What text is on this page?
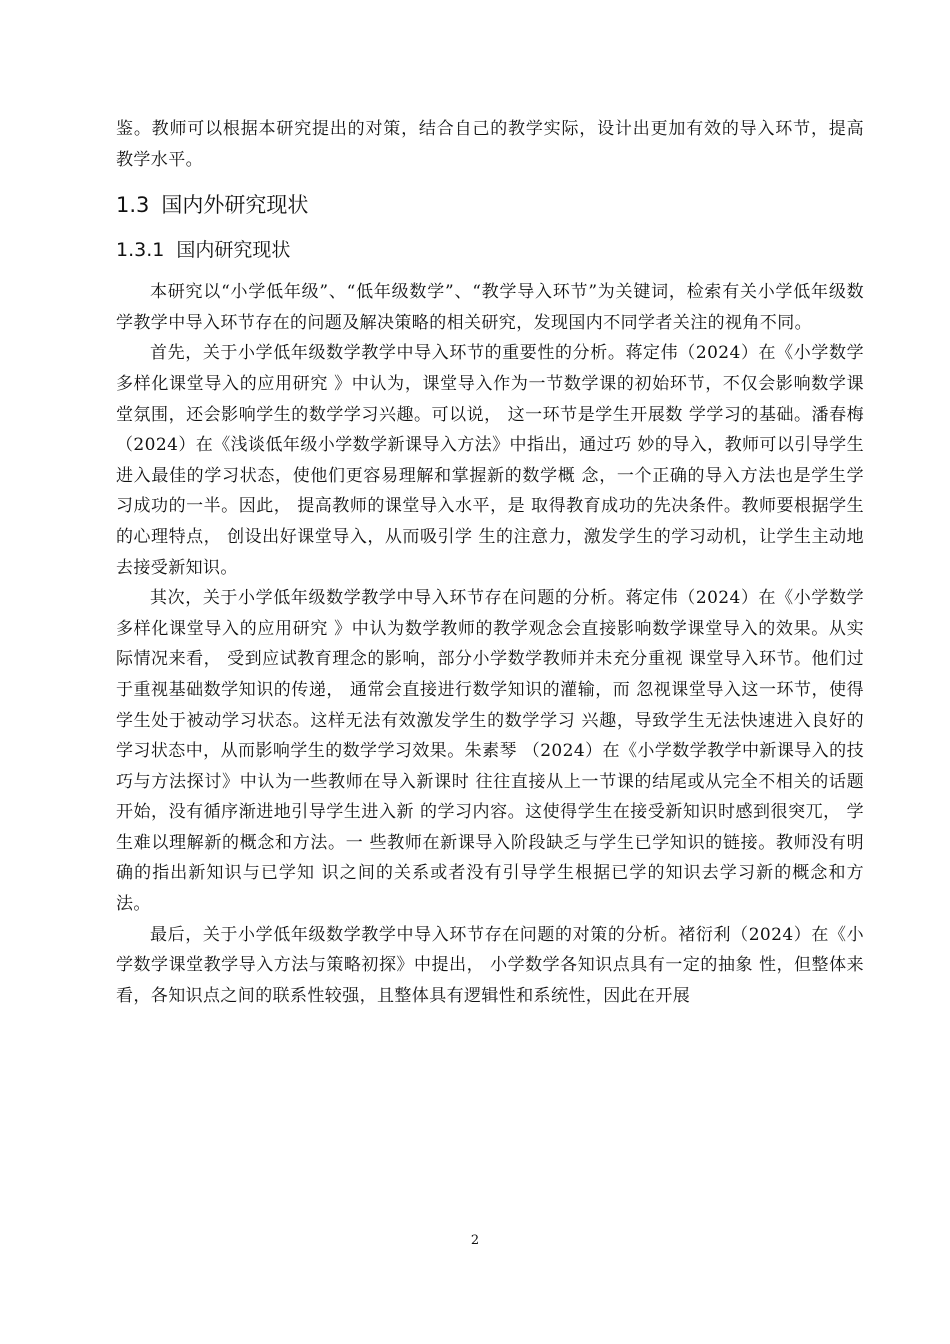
鉴。教师可以根据本研究提出的对策，结合自己的教学实际，设计出更加有效的导入环节，提高教学水平。

1.3 国内外研究现状
1.3.1 国内研究现状

本研究以“小学低年级”、“低年级数学”、“教学导入环节”为关键词，检索有关小学低年级数学教学中导入环节存在的问题及解决策略的相关研究，发现国内不同学者关注的视角不同。

首先，关于小学低年级数学教学中导入环节的重要性的分析。蒋定伟（2024）在《小学数学多样化课堂导入的应用研究 》中认为，课堂导入作为一节数学课的初始环节，不仅会影响数学课堂氛围，还会影响学生的数学学习兴趣。可以说， 这一环节是学生开展数 学学习的基础。潘春梅（2024）在《浅谈低年级小学数学新课导入方法》中指出，通过巧 妙的导入，教师可以引导学生进入最佳的学习状态，使他们更容易理解和掌握新的数学概 念，一个正确的导入方法也是学生学习成功的一半。因此， 提高教师的课堂导入水平，是 取得教育成功的先决条件。教师要根据学生的心理特点， 创设出好课堂导入，从而吸引学 生的注意力，激发学生的学习动机，让学生主动地去接受新知识。

其次，关于小学低年级数学教学中导入环节存在问题的分析。蒋定伟（2024）在《小学数学多样化课堂导入的应用研究 》中认为数学教师的教学观念会直接影响数学课堂导入的效果。从实际情况来看， 受到应试教育理念的影响，部分小学数学教师并未充分重视 课堂导入环节。他们过于重视基础数学知识的传递， 通常会直接进行数学知识的灌输，而 忽视课堂导入这一环节，使得学生处于被动学习状态。这样无法有效激发学生的数学学习 兴趣，导致学生无法快速进入良好的学习状态中，从而影响学生的数学学习效果。朱素琴 （2024）在《小学数学教学中新课导入的技巧与方法探讨》中认为一些教师在导入新课时 往往直接从上一节课的结尾或从完全不相关的话题开始，没有循序渐进地引导学生进入新 的学习内容。这使得学生在接受新知识时感到很突兀， 学生难以理解新的概念和方法。一 些教师在新课导入阶段缺乏与学生已学知识的链接。教师没有明确的指出新知识与已学知 识之间的关系或者没有引导学生根据已学的知识去学习新的概念和方法。

最后，关于小学低年级数学教学中导入环节存在问题的对策的分析。褚衍利（2024）在《小学数学课堂教学导入方法与策略初探》中提出， 小学数学各知识点具有一定的抽象 性，但整体来看，各知识点之间的联系性较强，且整体具有逻辑性和系统性，因此在开展

2
